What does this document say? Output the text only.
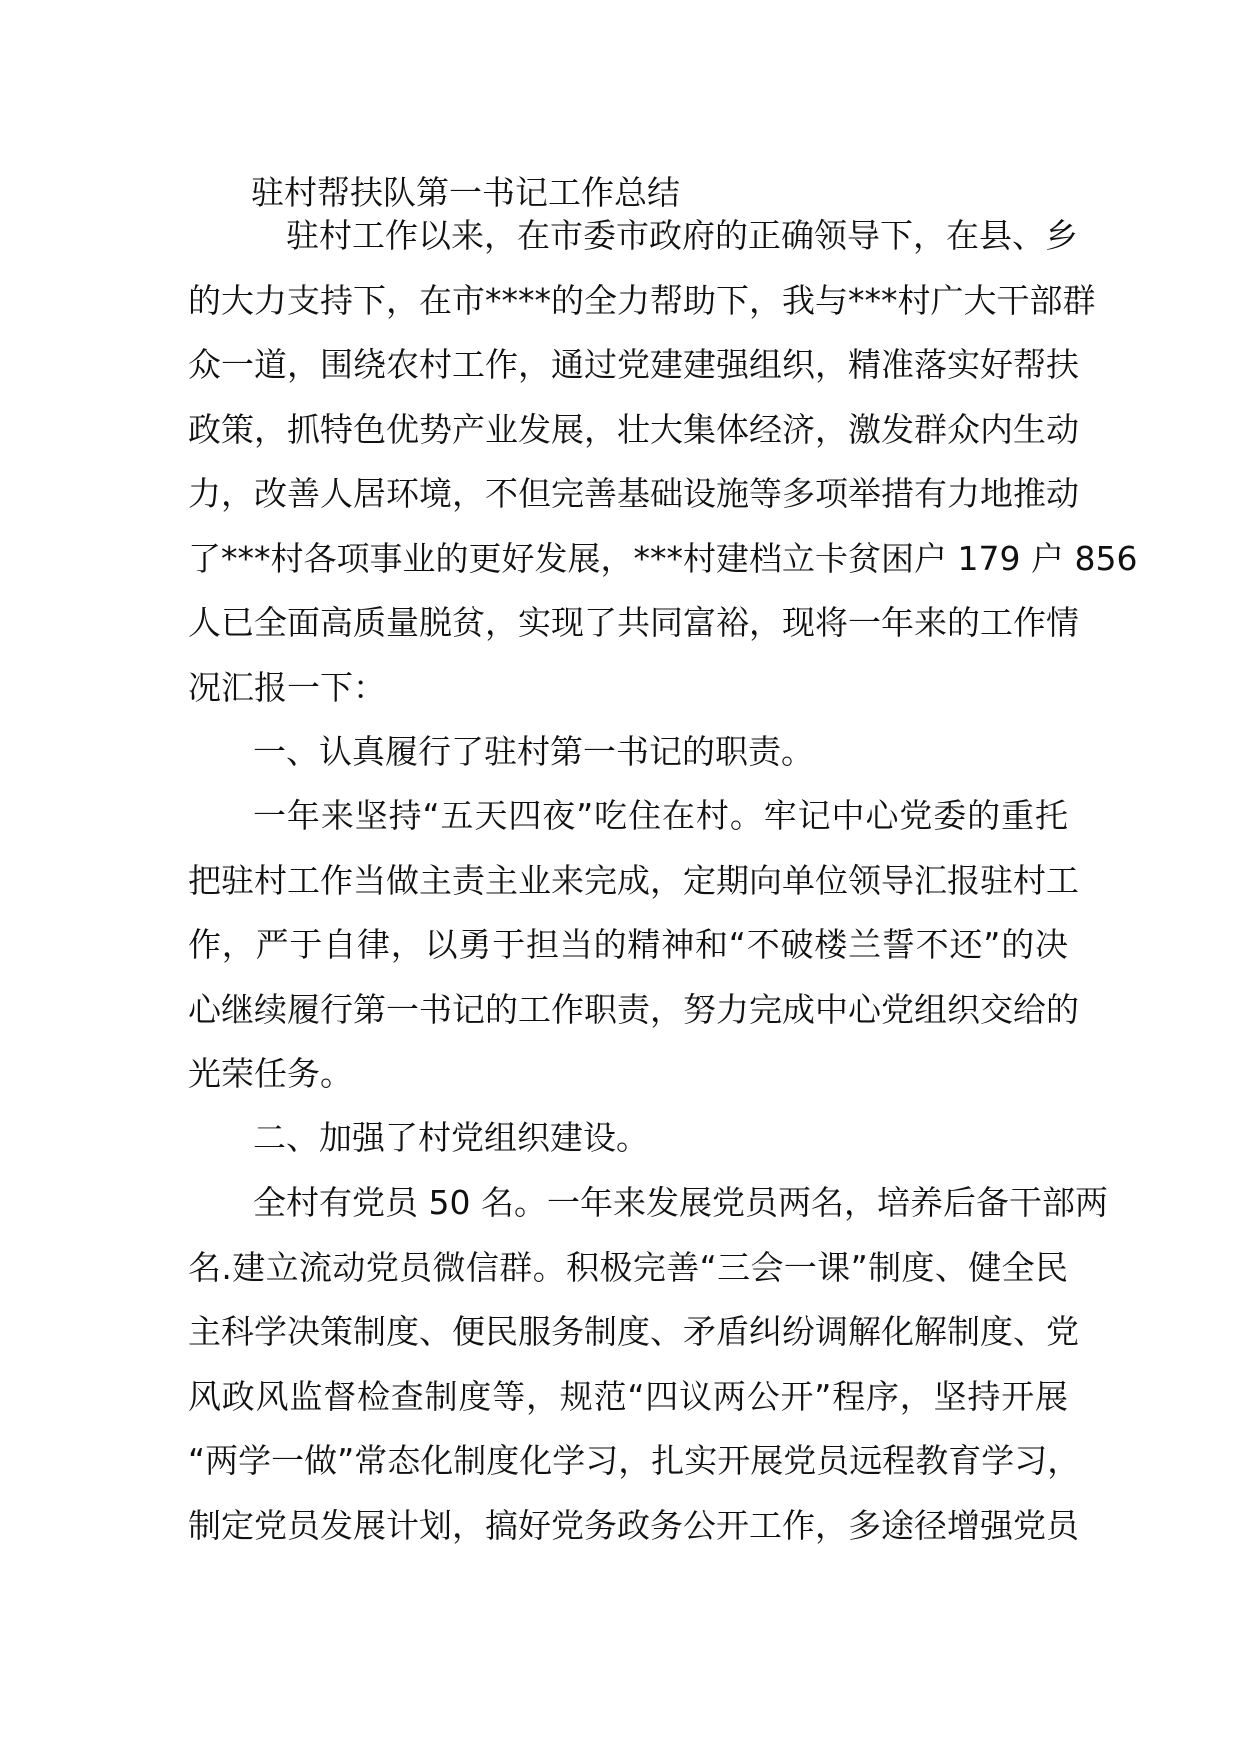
驻村帮扶队第一书记工作总结
驻村工作以来，在市委市政府的正确领导下，在县、乡
的大力支持下，在市****的全力帮助下，我与***村广大干部群
众一道，围绕农村工作，通过党建建强组织，精准落实好帮扶
政策，抓特色优势产业发展，壮大集体经济，激发群众内生动
力，改善人居环境，不但完善基础设施等多项举措有力地推动
了***村各项事业的更好发展，***村建档立卡贫困户 179 户 856
人已全面高质量脱贫，实现了共同富裕，现将一年来的工作情
况汇报一下：
一、认真履行了驻村第一书记的职责。
一年来坚持“五天四夜”吃住在村。牢记中心党委的重托
把驻村工作当做主责主业来完成，定期向单位领导汇报驻村工
作，严于自律，以勇于担当的精神和“不破楼兰誓不还”的决
心继续履行第一书记的工作职责，努力完成中心党组织交给的
光荣任务。
二、加强了村党组织建设。
全村有党员 50 名。一年来发展党员两名，培养后备干部两
名.建立流动党员微信群。积极完善“三会一课”制度、健全民
主科学决策制度、便民服务制度、矛盾纠纷调解化解制度、党
风政风监督检查制度等，规范“四议两公开”程序，坚持开展
“两学一做”常态化制度化学习，扎实开展党员远程教育学习，
制定党员发展计划，搞好党务政务公开工作，多途径增强党员
